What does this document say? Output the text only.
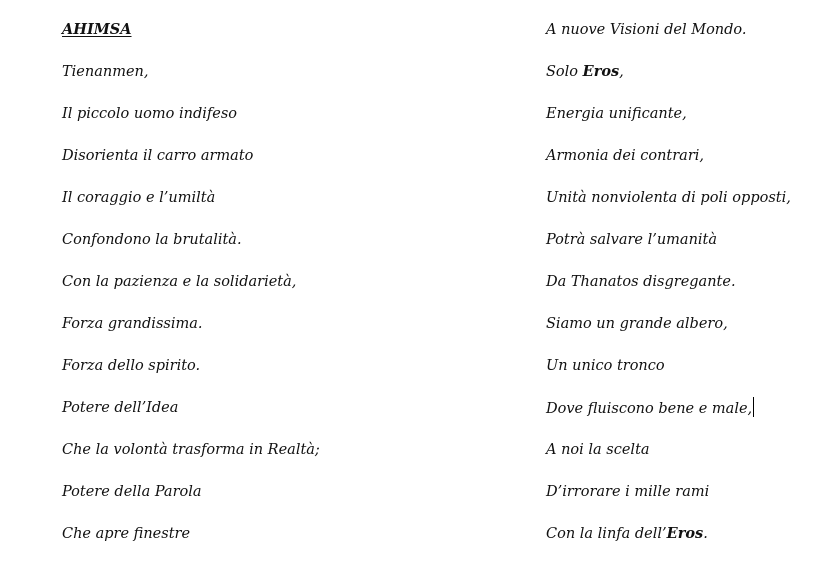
AHIMSA
Tienanmen,
Il piccolo uomo indifeso
Disorienta il carro armato
Il coraggio e l’umiltà
Confondono la brutalità.
Con la pazienza e la solidarietà,
Forza grandissima.
Forza dello spirito.
Potere dell’Idea
Che la volontà trasforma in Realtà;
Potere della Parola
Che apre finestre
A nuove Visioni del Mondo.
Solo Eros,
Energia unificante,
Armonia dei contrari,
Unità nonviolenta di poli opposti,
Potrà salvare l’umanità
Da Thanatos disgregante.
Siamo un grande albero,
Un unico tronco
Dove fluiscono bene e male,
A noi la scelta
D’irrorare i mille rami
Con la linfa dell’Eros.
